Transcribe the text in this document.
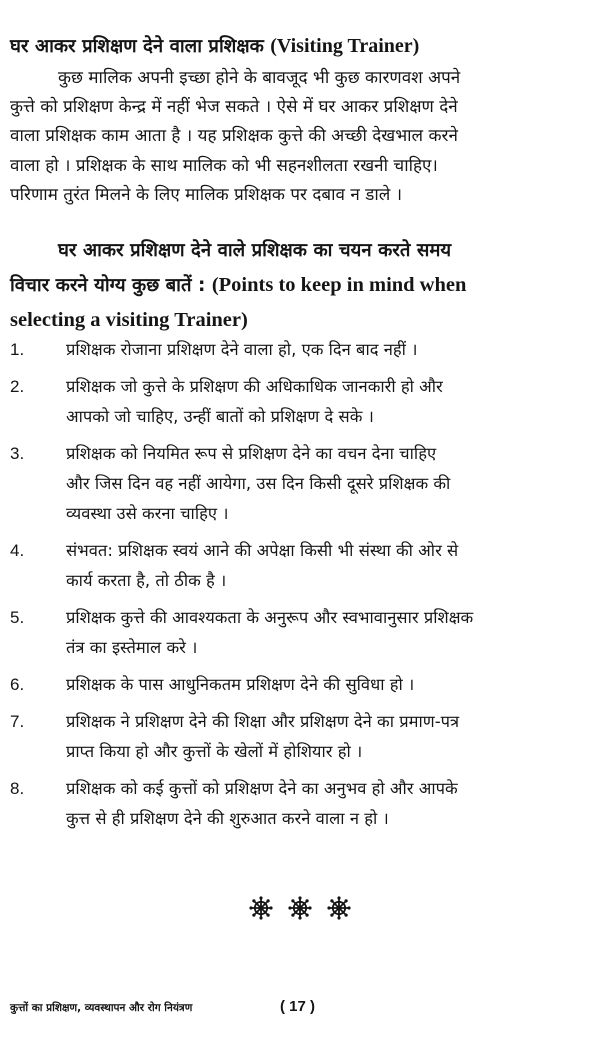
घर आकर प्रशिक्षण देने वाला प्रशिक्षक (Visiting Trainer)
कुछ मालिक अपनी इच्छा होने के बावजूद भी कुछ कारणवश अपने
कुत्ते को प्रशिक्षण केन्द्र में नहीं भेज सकते । ऐसे में घर आकर प्रशिक्षण देने
वाला प्रशिक्षक काम आता है । यह प्रशिक्षक कुत्ते की अच्छी देखभाल करने
वाला हो । प्रशिक्षक के साथ मालिक को भी सहनशीलता रखनी चाहिए।
परिणाम तुरंत मिलने के लिए मालिक प्रशिक्षक पर दबाव न डाले ।
घर आकर प्रशिक्षण देने वाले प्रशिक्षक का चयन करते समय
विचार करने योग्य कुछ बातें : (Points to keep in mind when
selecting a visiting Trainer)
1.	प्रशिक्षक रोजाना प्रशिक्षण देने वाला हो, एक दिन बाद नहीं ।
2.	प्रशिक्षक जो कुत्ते के प्रशिक्षण की अधिकाधिक जानकारी हो और
आपको जो चाहिए, उन्हीं बातों को प्रशिक्षण दे सके ।
3.	प्रशिक्षक को नियमित रूप से प्रशिक्षण देने का वचन देना चाहिए
और जिस दिन वह नहीं आयेगा, उस दिन किसी दूसरे प्रशिक्षक की
व्यवस्था उसे करना चाहिए ।
4.	संभवत: प्रशिक्षक स्वयं आने की अपेक्षा किसी भी संस्था की ओर से
कार्य करता है, तो ठीक है ।
5.	प्रशिक्षक कुत्ते की आवश्यकता के अनुरूप और स्वभावानुसार प्रशिक्षक
तंत्र का इस्तेमाल करे ।
6.	प्रशिक्षक के पास आधुनिकतम प्रशिक्षण देने की सुविधा हो ।
7.	प्रशिक्षक ने प्रशिक्षण देने की शिक्षा और प्रशिक्षण देने का प्रमाण-पत्र
प्राप्त किया हो और कुत्तों के खेलों में होशियार हो ।
8.	प्रशिक्षक को कई कुत्तों को प्रशिक्षण देने का अनुभव हो और आपके
कुत्त से ही प्रशिक्षण देने की शुरुआत करने वाला न हो ।

कुत्तों का प्रशिक्षण, व्यवस्थापन और रोग नियंत्रण	( 17 )
